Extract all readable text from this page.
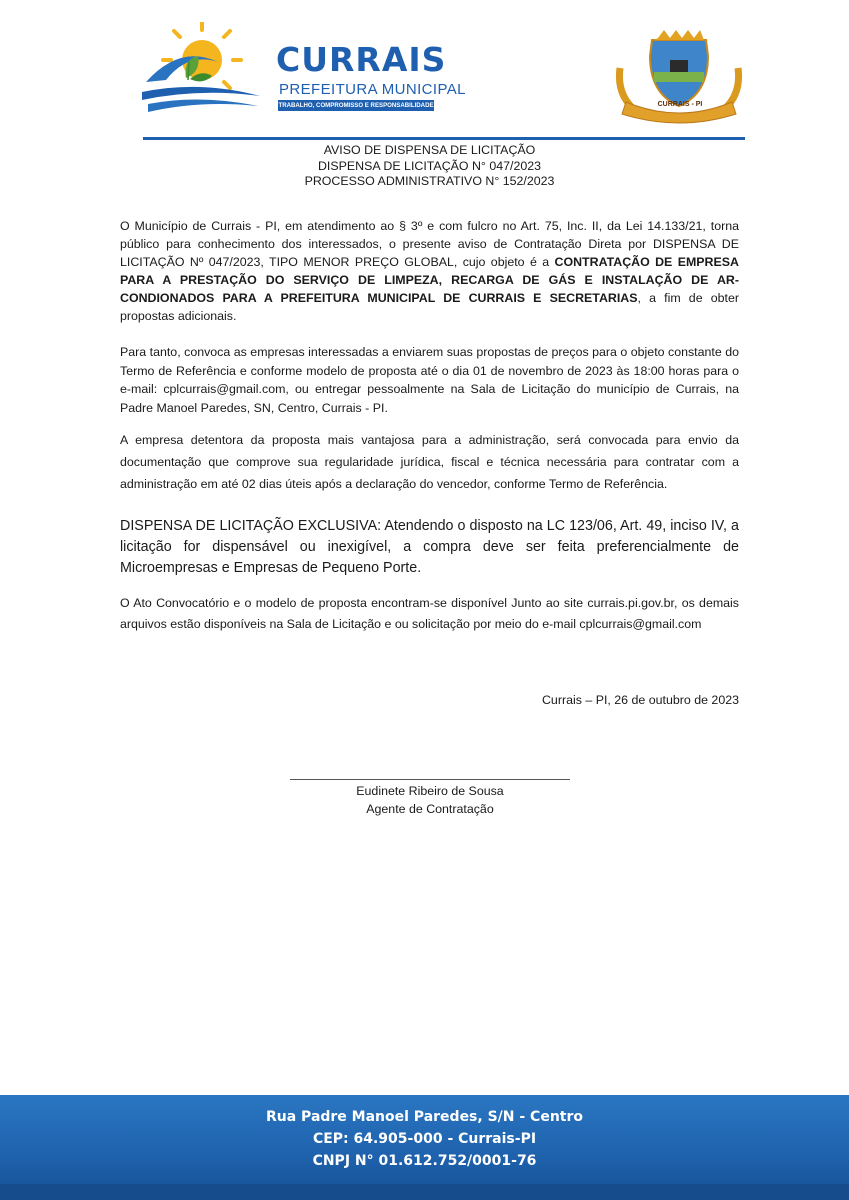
CURRAIS
PREFEITURA MUNICIPAL
TRABALHO, COMPROMISSO E RESPONSABILIDADE	CURRAIS - PI
AVISO DE DISPENSA DE LICITAÇÃO
DISPENSA DE LICITAÇÃO N° 047/2023
PROCESSO ADMINISTRATIVO N° 152/2023

O Município de Currais - PI, em atendimento ao § 3º e com fulcro no Art. 75, Inc. II, da Lei 14.133/21, torna público para conhecimento dos interessados, o presente aviso de Contratação Direta por DISPENSA DE LICITAÇÃO Nº 047/2023, TIPO MENOR PREÇO GLOBAL, cujo objeto é a CONTRATAÇÃO DE EMPRESA PARA A PRESTAÇÃO DO SERVIÇO DE LIMPEZA, RECARGA DE GÁS E INSTALAÇÃO DE AR-CONDIONADOS PARA A PREFEITURA MUNICIPAL DE CURRAIS E SECRETARIAS, a fim de obter propostas adicionais.

Para tanto, convoca as empresas interessadas a enviarem suas propostas de preços para o objeto constante do Termo de Referência e conforme modelo de proposta até o dia 01 de novembro de 2023 às 18:00 horas para o e-mail: cplcurrais@gmail.com, ou entregar pessoalmente na Sala de Licitação do município de Currais, na Padre Manoel Paredes, SN, Centro, Currais - PI.

A empresa detentora da proposta mais vantajosa para a administração, será convocada para envio da documentação que comprove sua regularidade jurídica, fiscal e técnica necessária para contratar com a administração em até 02 dias úteis após a declaração do vencedor, conforme Termo de Referência.

DISPENSA DE LICITAÇÃO EXCLUSIVA: Atendendo o disposto na LC 123/06, Art. 49, inciso IV, a licitação for dispensável ou inexigível, a compra deve ser feita preferencialmente de Microempresas e Empresas de Pequeno Porte.

O Ato Convocatório e o modelo de proposta encontram-se disponível Junto ao site currais.pi.gov.br, os demais arquivos estão disponíveis na Sala de Licitação e ou solicitação por meio do e-mail cplcurrais@gmail.com

Currais – PI, 26 de outubro de 2023
Eudinete Ribeiro de Sousa
Agente de Contratação
Rua Padre Manoel Paredes, S/N - Centro
CEP: 64.905-000 - Currais-PI
CNPJ N° 01.612.752/0001-76
